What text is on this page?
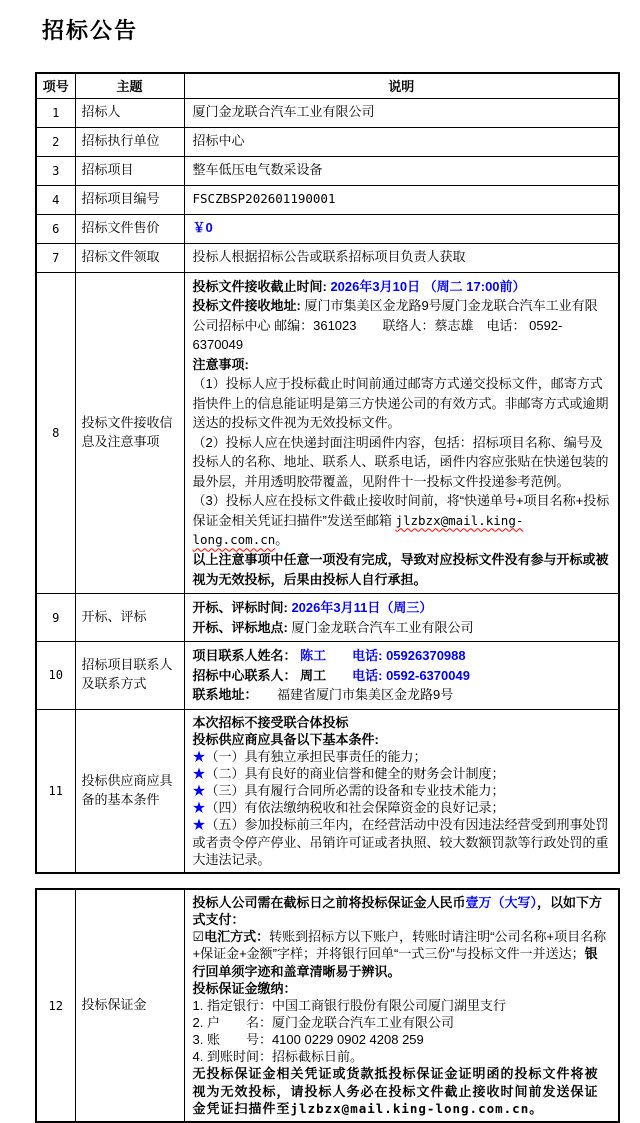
招标公告
项号	主题	说明
1	招标人	厦门金龙联合汽车工业有限公司
2	招标执行单位	招标中心
3	招标项目	整车低压电气数采设备
4	招标项目编号	FSCZBSP202601190001
6	招标文件售价	￥0
7	招标文件领取	投标人根据招标公告或联系招标项目负责人获取
8	投标文件接收信息及注意事项	

投标文件接收截止时间: 2026年3月10日 （周二 17:00前）

投标文件接收地址: 厦门市集美区金龙路9号厦门金龙联合汽车工业有限公司招标中心 邮编：361023　　联络人：蔡志雄　电话： 0592-6370049

注意事项:

（1）投标人应于投标截止时间前通过邮寄方式递交投标文件，邮寄方式指快件上的信息能证明是第三方快递公司的有效方式。非邮寄方式或逾期送达的投标文件视为无效投标文件。

（2）投标人应在快递封面注明函件内容，包括：招标项目名称、编号及投标人的名称、地址、联系人、联系电话，函件内容应张贴在快递包装的最外层，并用透明胶带覆盖，见附件十一投标文件投递参考范例。

（3）投标人应在投标文件截止接收时间前，将“快递单号+项目名称+投标保证金相关凭证扫描件”发送至邮箱 jlzbzx@mail.king-long.com.cn。

以上注意事项中任意一项没有完成，导致对应投标文件没有参与开标或被视为无效投标，后果由投标人自行承担。

9	开标、评标	开标、评标时间: 2026年3月11日（周三）

开标、评标地点: 厦门金龙联合汽车工业有限公司

10	招标项目联系人及联系方式	项目联系人姓名： 陈工　　电话: 05926370988

招标中心联系人： 周工　　电话: 0592-6370049

联系地址：　　福建省厦门市集美区金龙路9号

11	投标供应商应具备的基本条件	

本次招标不接受联合体投标

投标供应商应具备以下基本条件:

★（一）具有独立承担民事责任的能力；

★（二）具有良好的商业信誉和健全的财务会计制度；

★（三）具有履行合同所必需的设备和专业技术能力；

★（四）有依法缴纳税收和社会保障资金的良好记录；

★（五）参加投标前三年内，在经营活动中没有因违法经营受到刑事处罚或者责令停产停业、吊销许可证或者执照、较大数额罚款等行政处罚的重大违法记录。

12	投标保证金	

投标人公司需在截标日之前将投标保证金人民币壹万（大写），以如下方式支付：

☑电汇方式：转账到招标方以下账户，转账时请注明“公司名称+项目名称+保证金+金额”字样；并将银行回单“一式三份”与投标文件一并送达；银行回单须字迹和盖章清晰易于辨识。

投标保证金缴纳：

1. 指定银行：中国工商银行股份有限公司厦门湖里支行

2. 户　　名：厦门金龙联合汽车工业有限公司

3. 账　　号：4100 0229 0902 4208 259

4. 到账时间：招标截标日前。

无投标保证金相关凭证或货款抵投标保证金证明函的投标文件将被视为无效投标，请投标人务必在投标文件截止接收时间前发送保证金凭证扫描件至jlzbzx@mail.king-long.com.cn。
